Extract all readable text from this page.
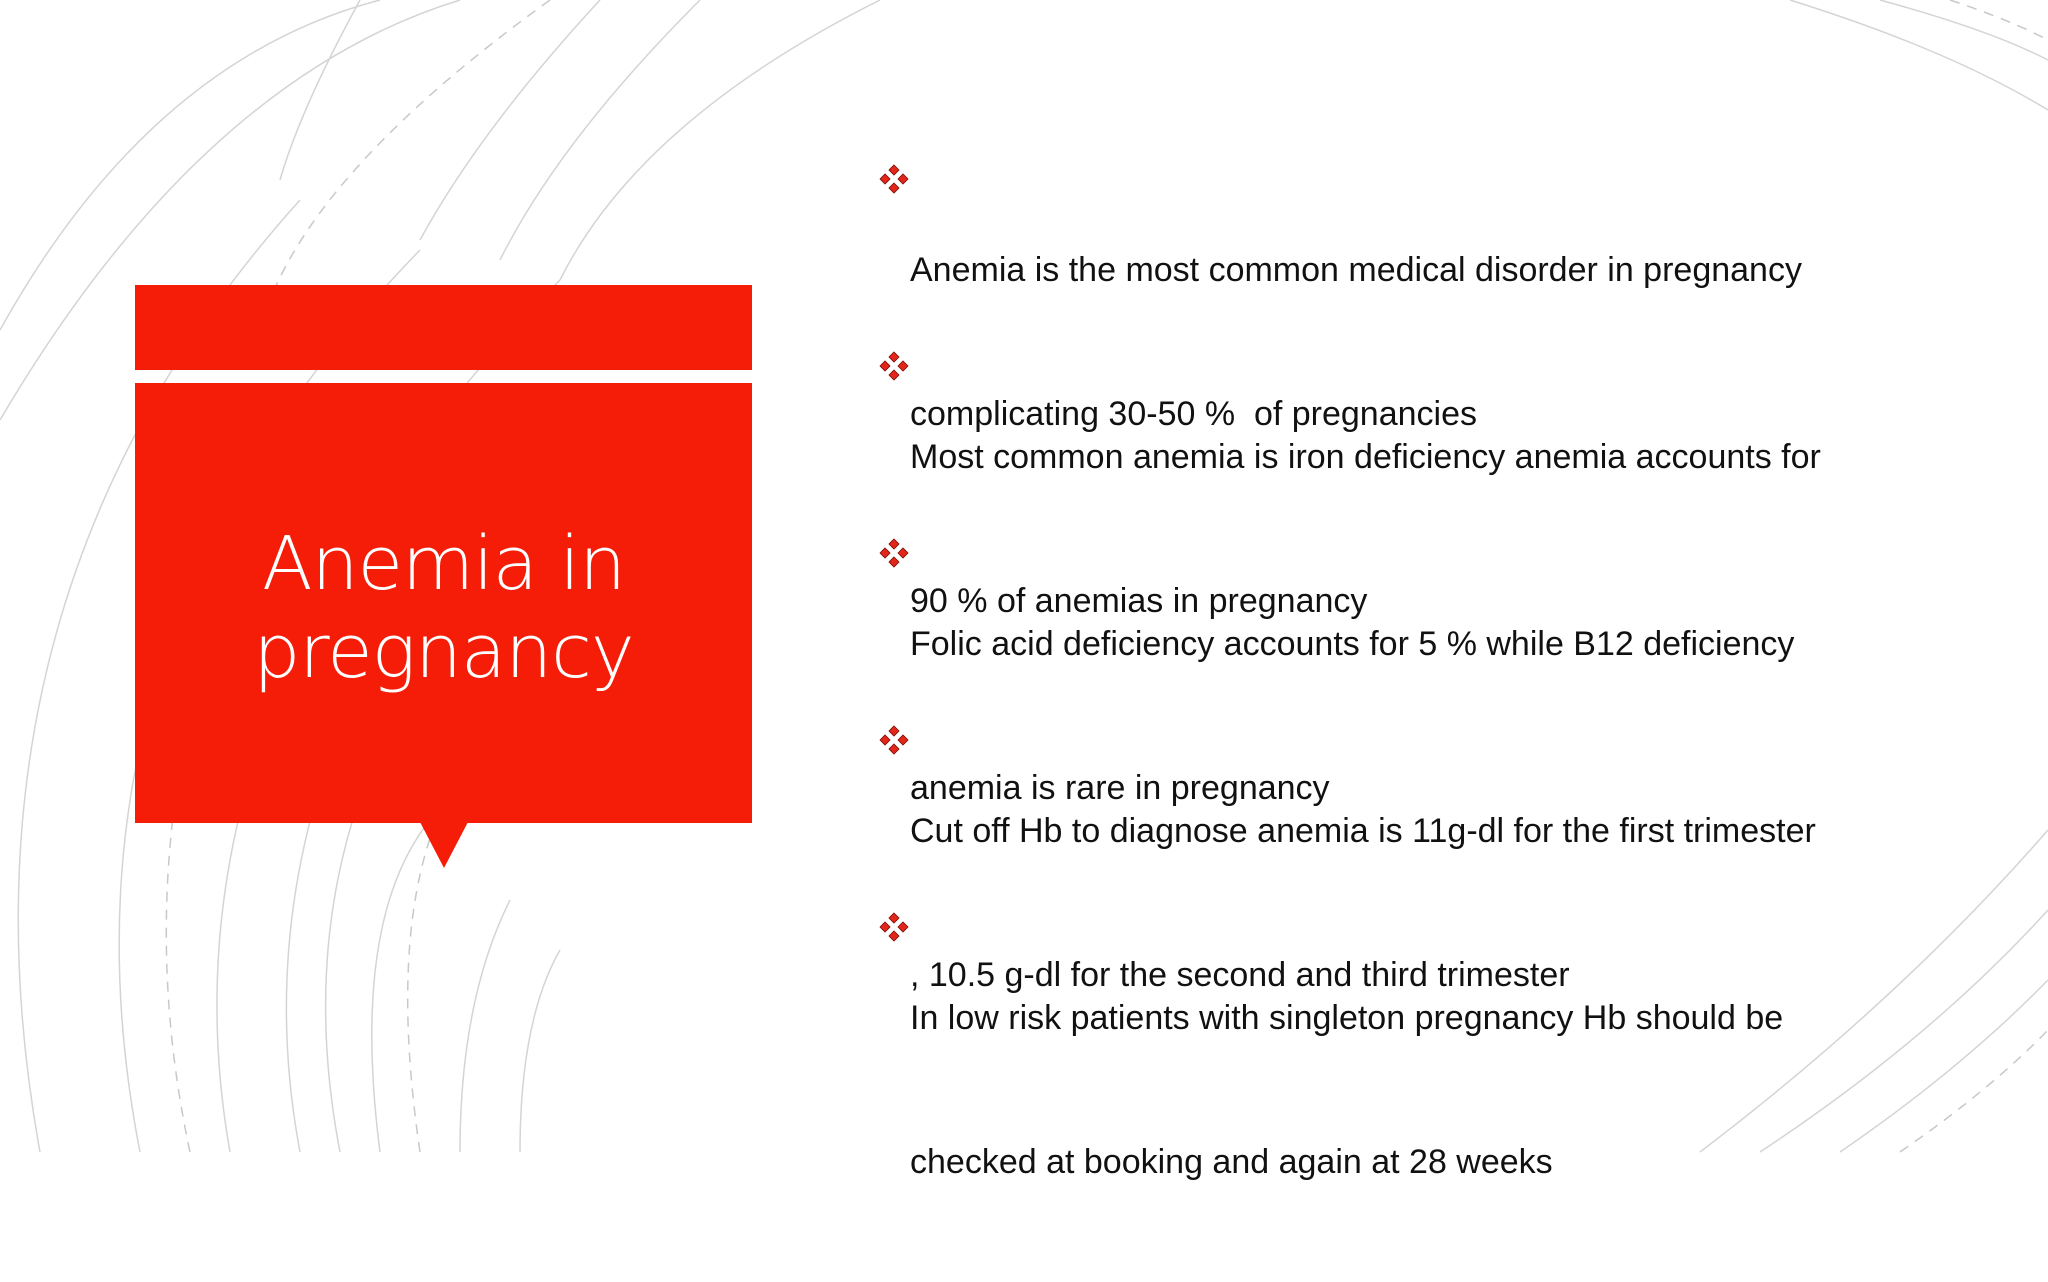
Anemia in
pregnancy

Anemia is the most common medical disorder in pregnancy

complicating 30-50 %  of pregnancies

Most common anemia is iron deficiency anemia accounts for

90 % of anemias in pregnancy

Folic acid deficiency accounts for 5 % while B12 deficiency

anemia is rare in pregnancy

Cut off Hb to diagnose anemia is 11g-dl for the first trimester

, 10.5 g-dl for the second and third trimester

In low risk patients with singleton pregnancy Hb should be

checked at booking and again at 28 weeks
